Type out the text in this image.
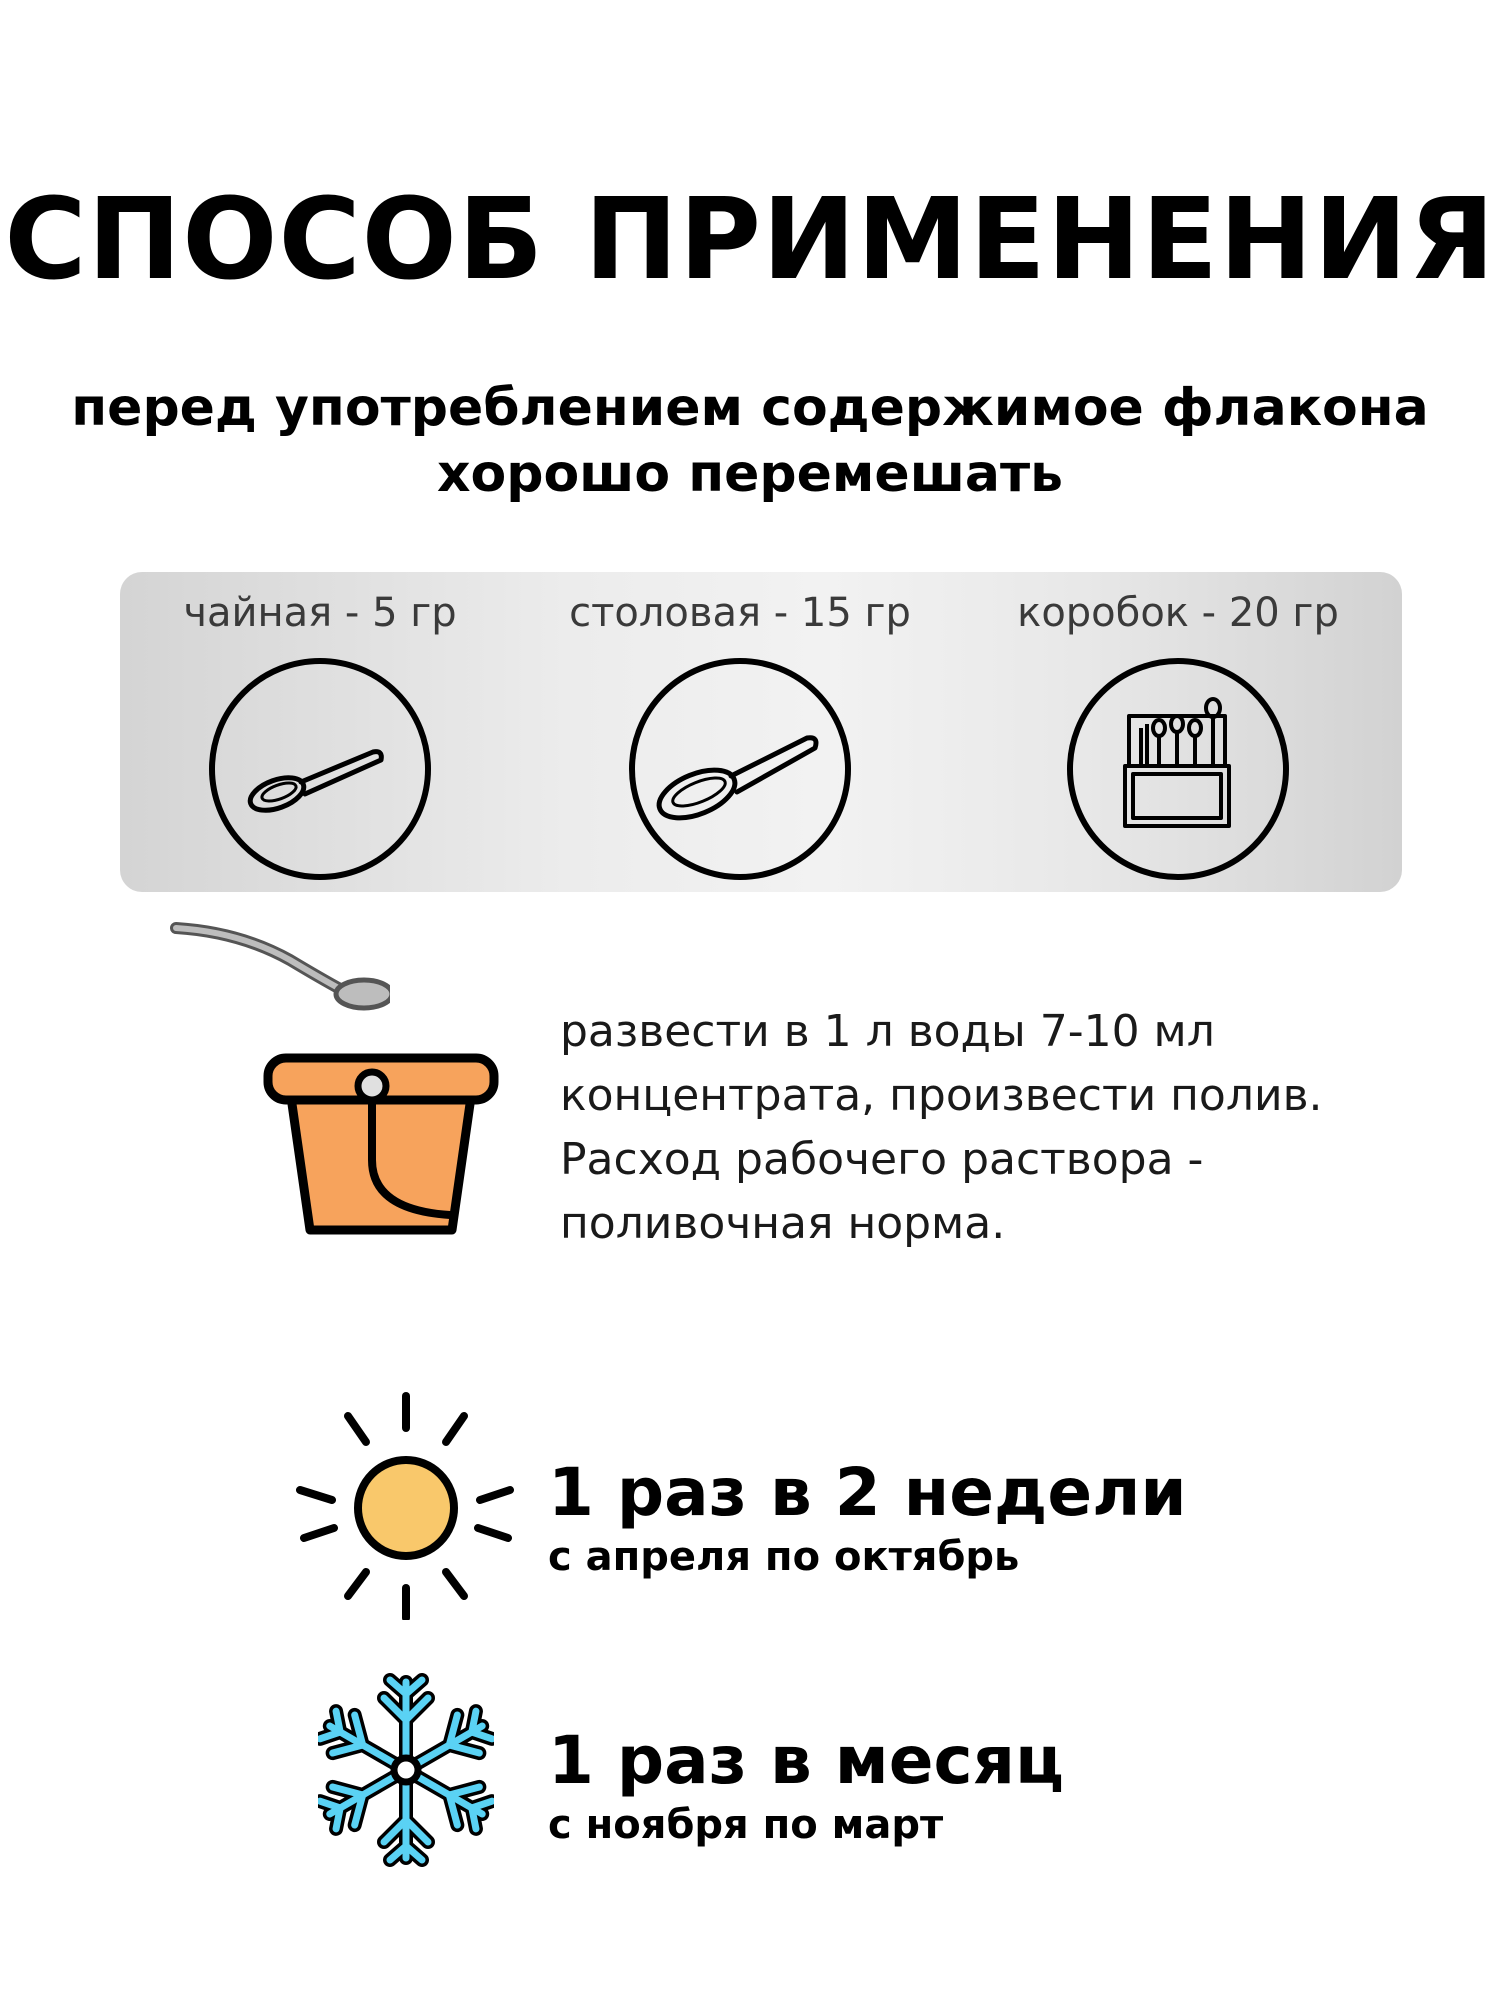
СПОСОБ ПРИМЕНЕНИЯ
перед употреблением содержимое флакона
хорошо перемешать
чайная - 5 гр	столовая - 15 гр	коробок - 20 гр
развести в 1 л воды 7-10 мл
концентрата, произвести полив.
Расход рабочего раствора -
поливочная норма.
1 раз в 2 недели
с апреля по октябрь
1 раз в месяц
с ноября по март
